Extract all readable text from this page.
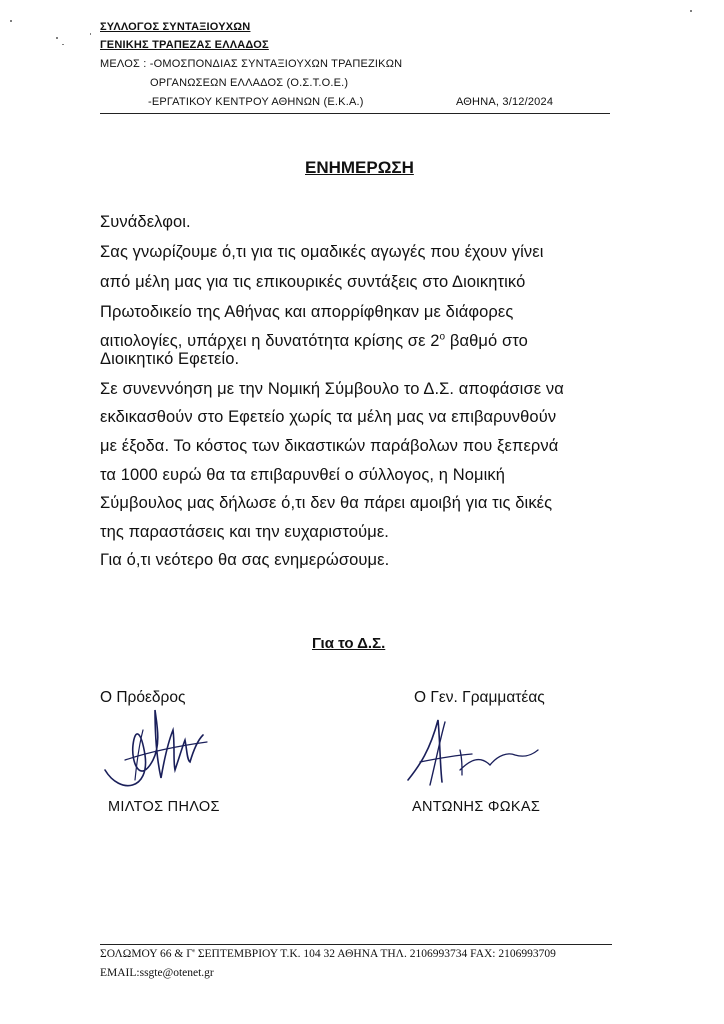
ΣΥΛΛΟΓΟΣ ΣΥΝΤΑΞΙΟΥΧΩΝ
ΓΕΝΙΚΗΣ ΤΡΑΠΕΖΑΣ ΕΛΛΑΔΟΣ
ΜΕΛΟΣ : -ΟΜΟΣΠΟΝΔΙΑΣ ΣΥΝΤΑΞΙΟΥΧΩΝ ΤΡΑΠΕΖΙΚΩΝ
ΟΡΓΑΝΩΣΕΩΝ ΕΛΛΑΔΟΣ (Ο.Σ.Τ.Ο.Ε.)
-ΕΡΓΑΤΙΚΟΥ ΚΕΝΤΡΟΥ ΑΘΗΝΩΝ (Ε.Κ.Α.)	ΑΘΗΝΑ, 3/12/2024
ΕΝΗΜΕΡΩΣΗ
Συνάδελφοι.
Σας γνωρίζουμε ό,τι για τις ομαδικές αγωγές που έχουν γίνει
από μέλη μας για τις επικουρικές συντάξεις στο Διοικητικό
Πρωτοδικείο της Αθήνας και απορρίφθηκαν με διάφορες
αιτιολογίες, υπάρχει η δυνατότητα κρίσης σε $2^o$ βαθμό στο
Διοικητικό Εφετείο.
Σε συνεννόηση με την Νομική Σύμβουλο το Δ.Σ. αποφάσισε να
εκδικασθούν στο Εφετείο χωρίς τα μέλη μας να επιβαρυνθούν
με έξοδα. Το κόστος των δικαστικών παράβολων που ξεπερνά
τα 1000 ευρώ θα τα επιβαρυνθεί ο σύλλογος, η Νομική
Σύμβουλος μας δήλωσε ό,τι δεν θα πάρει αμοιβή για τις δικές
της παραστάσεις και την ευχαριστούμε.
Για ό,τι νεότερο θα σας ενημερώσουμε.
Για το Δ.Σ.
Ο Πρόεδρος	Ο Γεν. Γραμματέας
ΜΙΛΤΟΣ ΠΗΛΟΣ	ΑΝΤΩΝΗΣ ΦΩΚΑΣ
ΣΟΛΩΜΟΥ 66 & Γ' ΣΕΠΤΕΜΒΡΙΟΥ Τ.Κ. 104 32 ΑΘΗΝΑ ΤΗΛ. 2106993734 FAX: 2106993709
EMAIL:ssgte@otenet.gr
